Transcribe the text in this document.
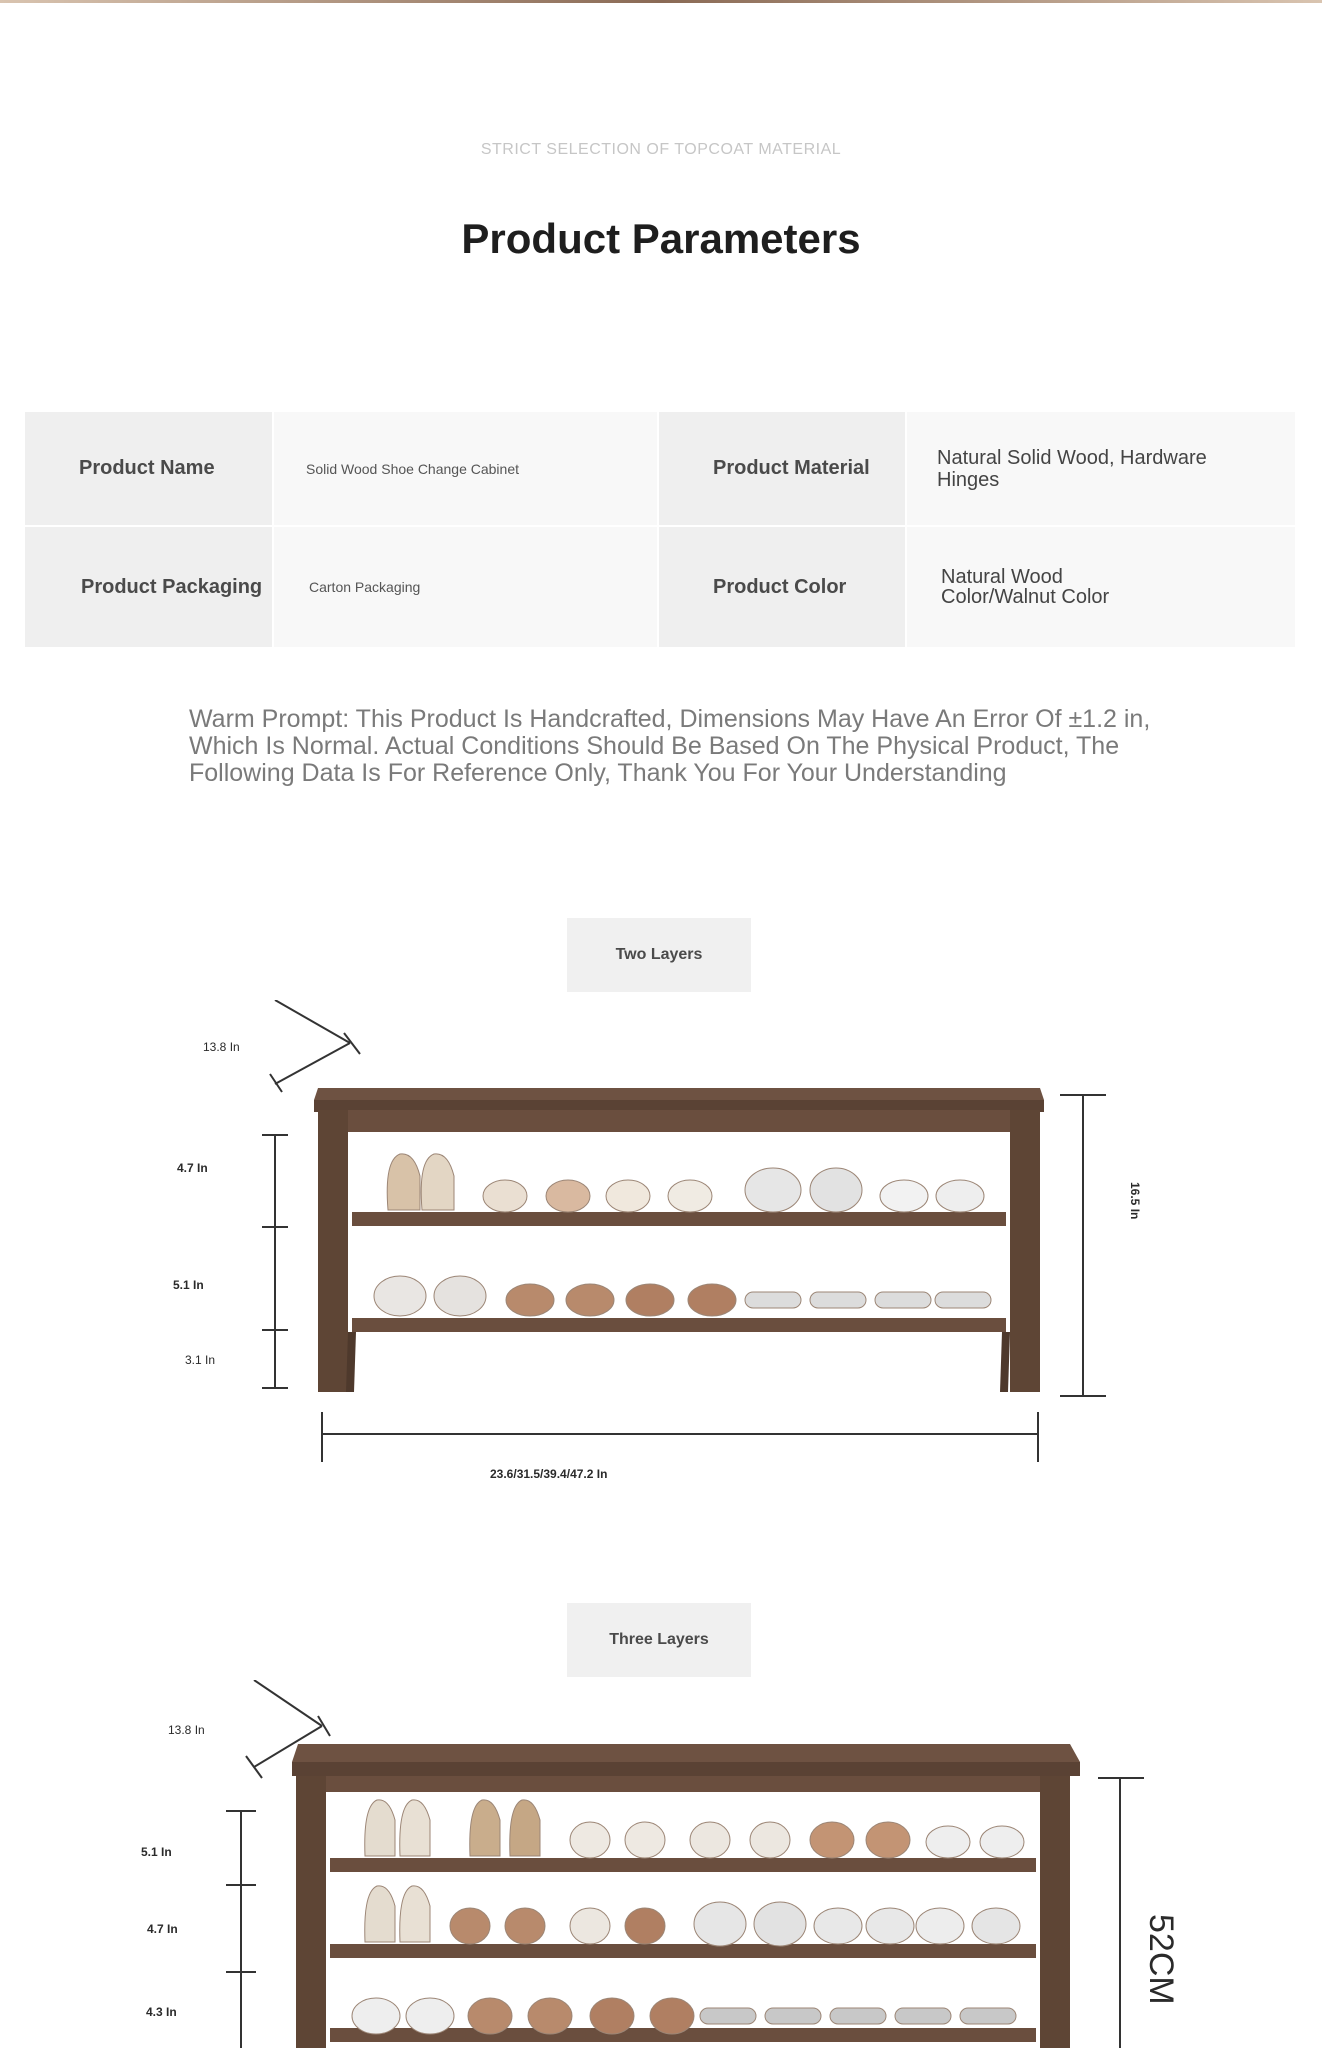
STRICT SELECTION OF TOPCOAT MATERIAL
Product Parameters
Product Name	Solid Wood Shoe Change Cabinet	Product Material	Natural Solid Wood, Hardware Hinges
Product Packaging	Carton Packaging	Product Color	Natural Wood Color/Walnut Color
Warm Prompt: This Product Is Handcrafted, Dimensions May Have An Error Of ±1.2 in, Which Is Normal. Actual Conditions Should Be Based On The Physical Product, The Following Data Is For Reference Only, Thank You For Your Understanding
Two Layers
13.8 In
4.7 In
5.1 In
3.1 In
16.5 In
23.6/31.5/39.4/47.2 In
Three Layers
13.8 In
5.1 In
4.7 In
4.3 In
52CM
